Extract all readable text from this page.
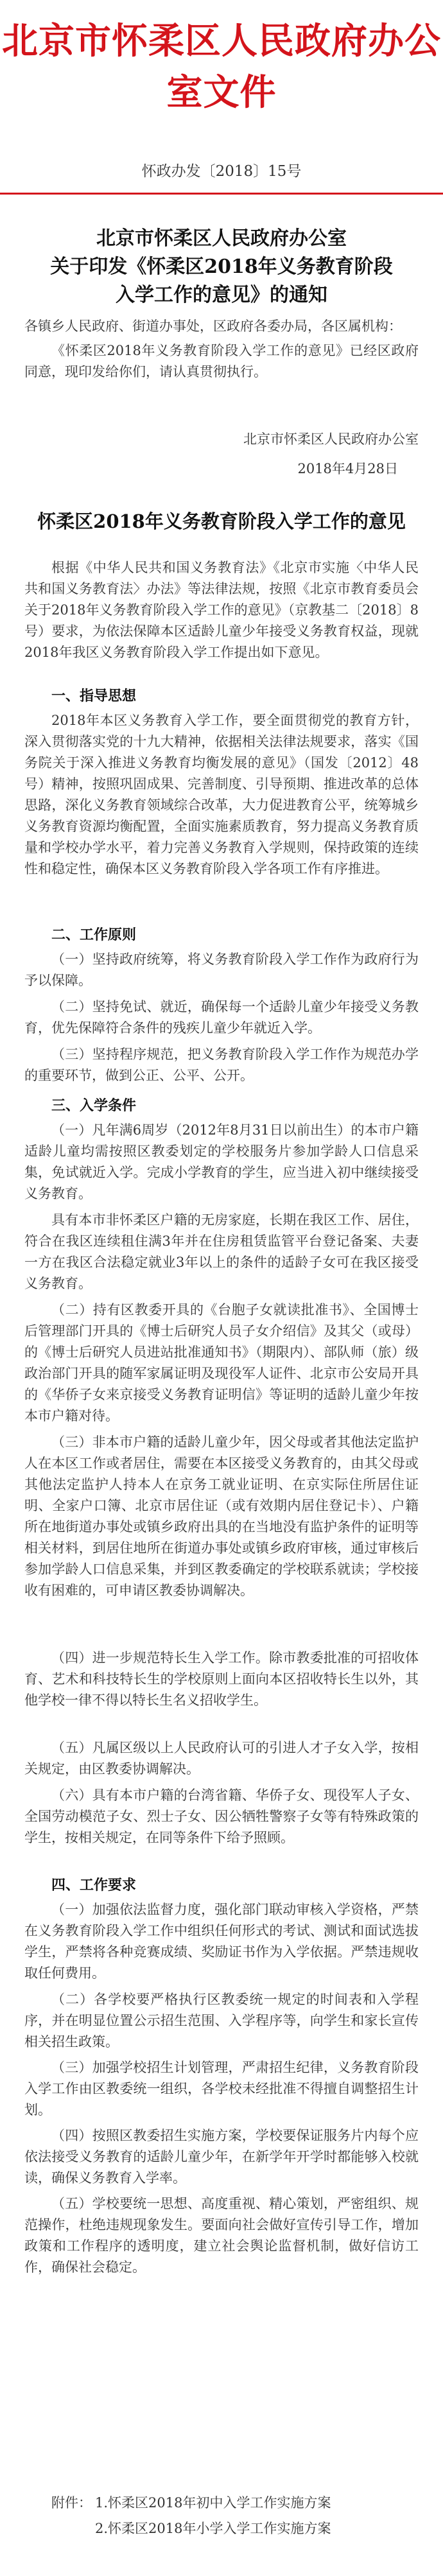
北京市怀柔区人民政府办公室文件
怀政办发〔2018〕15号
北京市怀柔区人民政府办公室
关于印发《怀柔区2018年义务教育阶段
入学工作的意见》的通知

各镇乡人民政府、街道办事处，区政府各委办局，各区属机构：

《怀柔区2018年义务教育阶段入学工作的意见》已经区政府同意，现印发给你们，请认真贯彻执行。

北京市怀柔区人民政府办公室
2018年4月28日
怀柔区2018年义务教育阶段入学工作的意见

根据《中华人民共和国义务教育法》《北京市实施〈中华人民共和国义务教育法〉办法》等法律法规，按照《北京市教育委员会关于2018年义务教育阶段入学工作的意见》（京教基二〔2018〕8号）要求，为依法保障本区适龄儿童少年接受义务教育权益，现就2018年我区义务教育阶段入学工作提出如下意见。

一、指导思想

2018年本区义务教育入学工作，要全面贯彻党的教育方针，深入贯彻落实党的十九大精神，依据相关法律法规要求，落实《国务院关于深入推进义务教育均衡发展的意见》（国发〔2012〕48号）精神，按照巩固成果、完善制度、引导预期、推进改革的总体思路，深化义务教育领域综合改革，大力促进教育公平，统筹城乡义务教育资源均衡配置，全面实施素质教育，努力提高义务教育质量和学校办学水平，着力完善义务教育入学规则，保持政策的连续性和稳定性，确保本区义务教育阶段入学各项工作有序推进。

二、工作原则

（一）坚持政府统筹，将义务教育阶段入学工作作为政府行为予以保障。

（二）坚持免试、就近，确保每一个适龄儿童少年接受义务教育，优先保障符合条件的残疾儿童少年就近入学。

（三）坚持程序规范，把义务教育阶段入学工作作为规范办学的重要环节，做到公正、公平、公开。

三、入学条件

（一）凡年满6周岁（2012年8月31日以前出生）的本市户籍适龄儿童均需按照区教委划定的学校服务片参加学龄人口信息采集，免试就近入学。完成小学教育的学生，应当进入初中继续接受义务教育。

具有本市非怀柔区户籍的无房家庭，长期在我区工作、居住，符合在我区连续租住满3年并在住房租赁监管平台登记备案、夫妻一方在我区合法稳定就业3年以上的条件的适龄子女可在我区接受义务教育。

（二）持有区教委开具的《台胞子女就读批准书》、全国博士后管理部门开具的《博士后研究人员子女介绍信》及其父（或母）的《博士后研究人员进站批准通知书》（期限内）、部队师（旅）级政治部门开具的随军家属证明及现役军人证件、北京市公安局开具的《华侨子女来京接受义务教育证明信》等证明的适龄儿童少年按本市户籍对待。

（三）非本市户籍的适龄儿童少年，因父母或者其他法定监护人在本区工作或者居住，需要在本区接受义务教育的，由其父母或其他法定监护人持本人在京务工就业证明、在京实际住所居住证明、全家户口簿、北京市居住证（或有效期内居住登记卡）、户籍所在地街道办事处或镇乡政府出具的在当地没有监护条件的证明等相关材料，到居住地所在街道办事处或镇乡政府审核，通过审核后参加学龄人口信息采集，并到区教委确定的学校联系就读；学校接收有困难的，可申请区教委协调解决。

（四）进一步规范特长生入学工作。除市教委批准的可招收体育、艺术和科技特长生的学校原则上面向本区招收特长生以外，其他学校一律不得以特长生名义招收学生。

（五）凡属区级以上人民政府认可的引进人才子女入学，按相关规定，由区教委协调解决。

（六）具有本市户籍的台湾省籍、华侨子女、现役军人子女、全国劳动模范子女、烈士子女、因公牺牲警察子女等有特殊政策的学生，按相关规定，在同等条件下给予照顾。

四、工作要求

（一）加强依法监督力度，强化部门联动审核入学资格，严禁在义务教育阶段入学工作中组织任何形式的考试、测试和面试选拔学生，严禁将各种竞赛成绩、奖励证书作为入学依据。严禁违规收取任何费用。

（二）各学校要严格执行区教委统一规定的时间表和入学程序，并在明显位置公示招生范围、入学程序等，向学生和家长宣传相关招生政策。

（三）加强学校招生计划管理，严肃招生纪律，义务教育阶段入学工作由区教委统一组织，各学校未经批准不得擅自调整招生计划。

（四）按照区教委招生实施方案，学校要保证服务片内每个应依法接受义务教育的适龄儿童少年，在新学年开学时都能够入校就读，确保义务教育入学率。

（五）学校要统一思想、高度重视、精心策划，严密组织、规范操作，杜绝违规现象发生。要面向社会做好宣传引导工作，增加政策和工作程序的透明度，建立社会舆论监督机制，做好信访工作，确保社会稳定。

附件： 1.怀柔区2018年初中入学工作实施方案
2.怀柔区2018年小学入学工作实施方案
